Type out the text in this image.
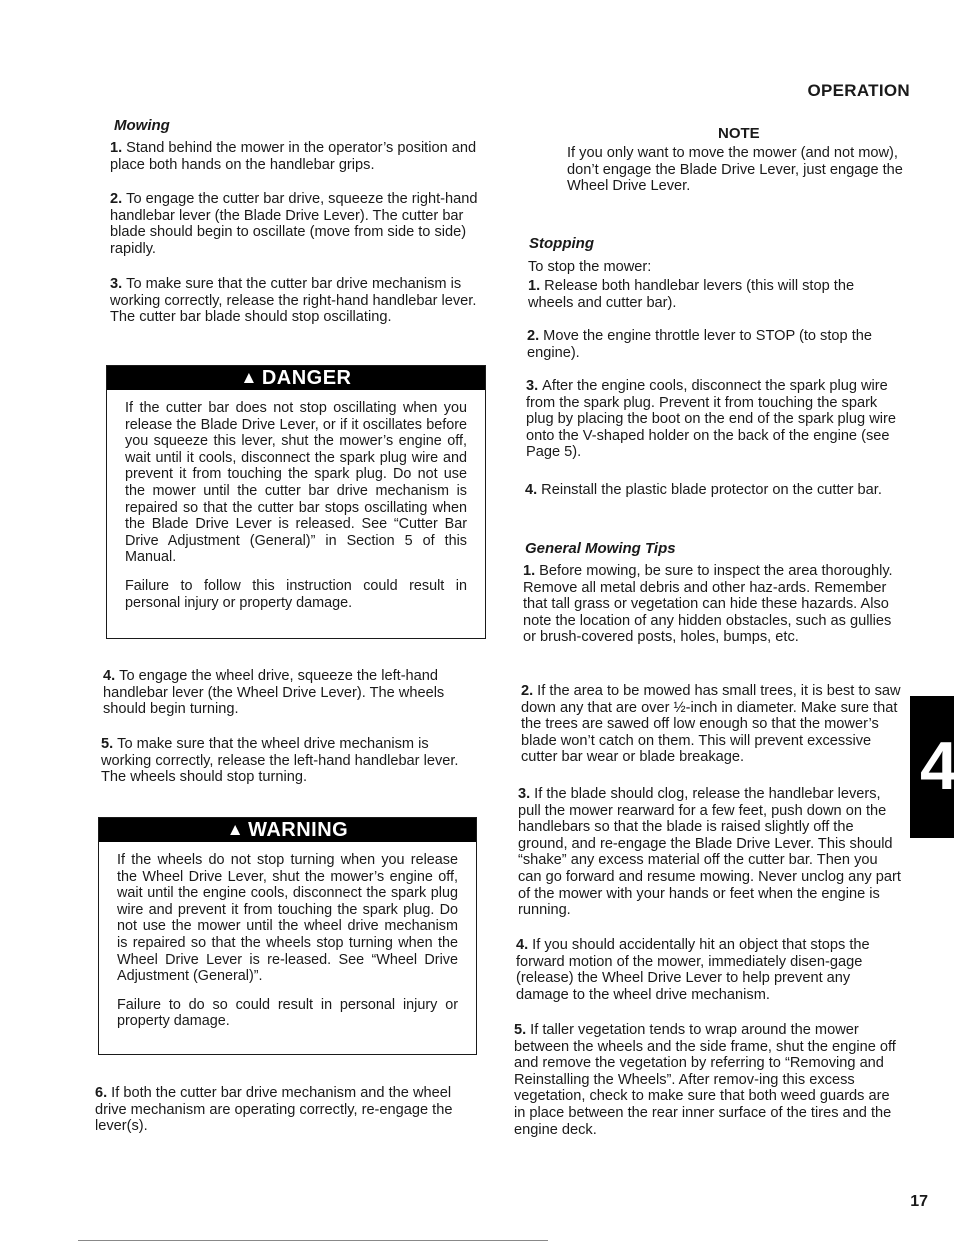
OPERATION
Mowing
1. Stand behind the mower in the operator’s position and place both hands on the handlebar grips.
2. To engage the cutter bar drive, squeeze the right-hand handlebar lever (the Blade Drive Lever). The cutter bar blade should begin to oscillate (move from side to side) rapidly.
3. To make sure that the cutter bar drive mechanism is working correctly, release the right-hand handlebar lever. The cutter bar blade should stop oscillating.
▲ DANGER

If the cutter bar does not stop oscillating when you release the Blade Drive Lever, or if it oscillates before you squeeze this lever, shut the mower’s engine off, wait until it cools, disconnect the spark plug wire and prevent it from touching the spark plug. Do not use the mower until the cutter bar drive mechanism is repaired so that the cutter bar stops oscillating when the Blade Drive Lever is released. See “Cutter Bar Drive Adjustment (General)” in Section 5 of this Manual.

Failure to follow this instruction could result in personal injury or property damage.

4. To engage the wheel drive, squeeze the left-hand handlebar lever (the Wheel Drive Lever). The wheels should begin turning.
5. To make sure that the wheel drive mechanism is working correctly, release the left-hand handlebar lever. The wheels should stop turning.
▲ WARNING

If the wheels do not stop turning when you release the Wheel Drive Lever, shut the mower’s engine off, wait until the engine cools, disconnect the spark plug wire and prevent it from touching the spark plug. Do not use the mower until the wheel drive mechanism is repaired so that the wheels stop turning when the Wheel Drive Lever is re-leased. See “Wheel Drive Adjustment (General)”.

Failure to do so could result in personal injury or property damage.

6. If both the cutter bar drive mechanism and the wheel drive mechanism are operating correctly, re-engage the lever(s).
NOTE
If you only want to move the mower (and not mow), don’t engage the Blade Drive Lever, just engage the Wheel Drive Lever.
Stopping
To stop the mower:
1. Release both handlebar levers (this will stop the wheels and cutter bar).
2. Move the engine throttle lever to STOP (to stop the engine).
3. After the engine cools, disconnect the spark plug wire from the spark plug. Prevent it from touching the spark plug by placing the boot on the end of the spark plug wire onto the V-shaped holder on the back of the engine (see Page 5).
4. Reinstall the plastic blade protector on the cutter bar.
General Mowing Tips
1. Before mowing, be sure to inspect the area thoroughly. Remove all metal debris and other haz-ards. Remember that tall grass or vegetation can hide these hazards. Also note the location of any hidden obstacles, such as gullies or brush-covered posts, holes, bumps, etc.
2. If the area to be mowed has small trees, it is best to saw down any that are over ½-inch in diameter. Make sure that the trees are sawed off low enough so that the mower’s blade won’t catch on them. This will prevent excessive cutter bar wear or blade breakage.
3. If the blade should clog, release the handlebar levers, pull the mower rearward for a few feet, push down on the handlebars so that the blade is raised slightly off the ground, and re-engage the Blade Drive Lever. This should “shake” any excess material off the cutter bar. Then you can go forward and resume mowing. Never unclog any part of the mower with your hands or feet when the engine is running.
4. If you should accidentally hit an object that stops the forward motion of the mower, immediately disen-gage (release) the Wheel Drive Lever to help prevent any damage to the wheel drive mechanism.
5. If taller vegetation tends to wrap around the mower between the wheels and the side frame, shut the engine off and remove the vegetation by referring to “Removing and Reinstalling the Wheels”. After remov-ing this excess vegetation, check to make sure that both weed guards are in place between the rear inner surface of the tires and the engine deck.
4
17
